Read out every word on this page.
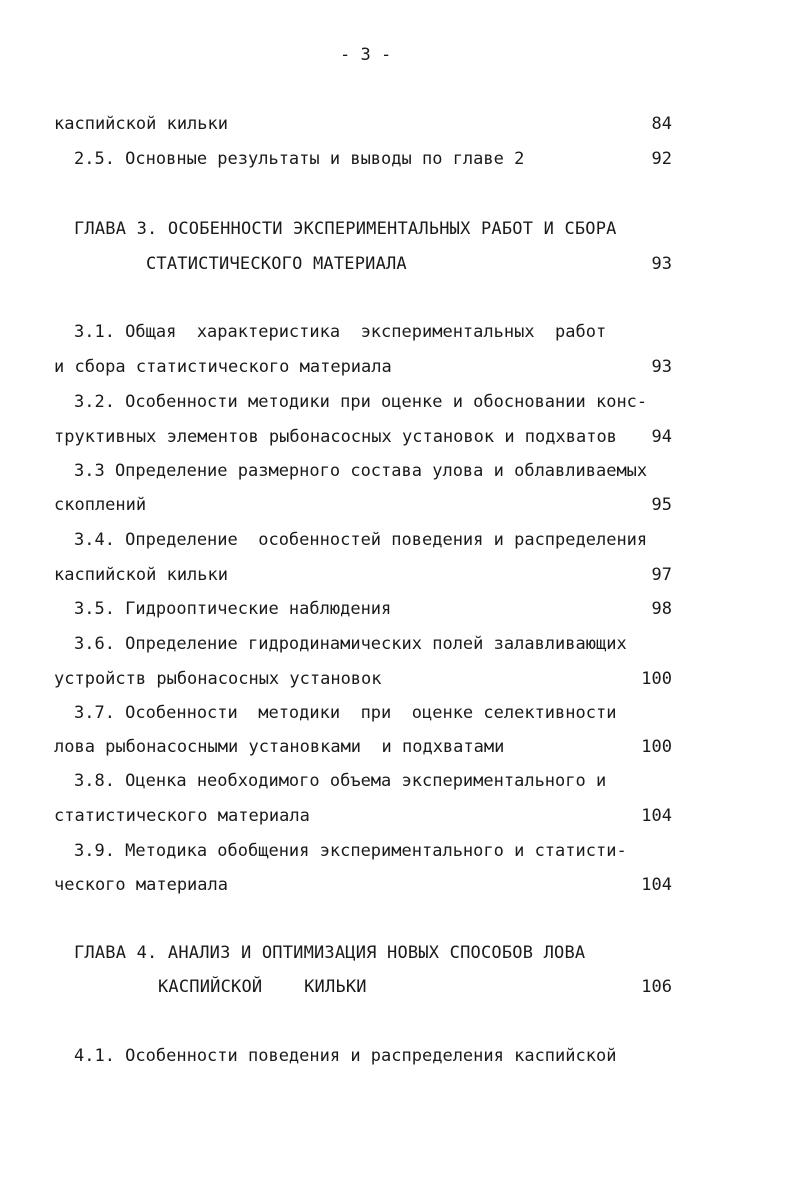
- 3 -
каспийской кильки	84
2.5. Основные результаты и выводы по главе 2	92
ГЛАВА 3. ОСОБЕННОСТИ ЭКСПЕРИМЕНТАЛЬНЫХ РАБОТ И СБОРА
СТАТИСТИЧЕСКОГО МАТЕРИАЛА	93
3.1. Общая  характеристика  экспериментальных  работ
и сбора статистического материала	93
3.2. Особенности методики при оценке и обосновании конс-
труктивных элементов рыбонасосных установок и подхватов	94
3.3 Определение размерного состава улова и облавливаемых
скоплений	95
3.4. Определение  особенностей поведения и распределения
каспийской кильки	97
3.5. Гидрооптические наблюдения	98
3.6. Определение гидродинамических полей залавливающих
устройств рыбонасосных установок	100
3.7. Особенности  методики  при  оценке селективности
лова рыбонасосными установками  и подхватами	100
3.8. Оценка необходимого объема экспериментального и
статистического материала	104
3.9. Методика обобщения экспериментального и статисти-
ческого материала	104
ГЛАВА 4. АНАЛИЗ И ОПТИМИЗАЦИЯ НОВЫХ СПОСОБОВ ЛОВА
КАСПИЙСКОЙ    КИЛЬКИ	106
4.1. Особенности поведения и распределения каспийской
